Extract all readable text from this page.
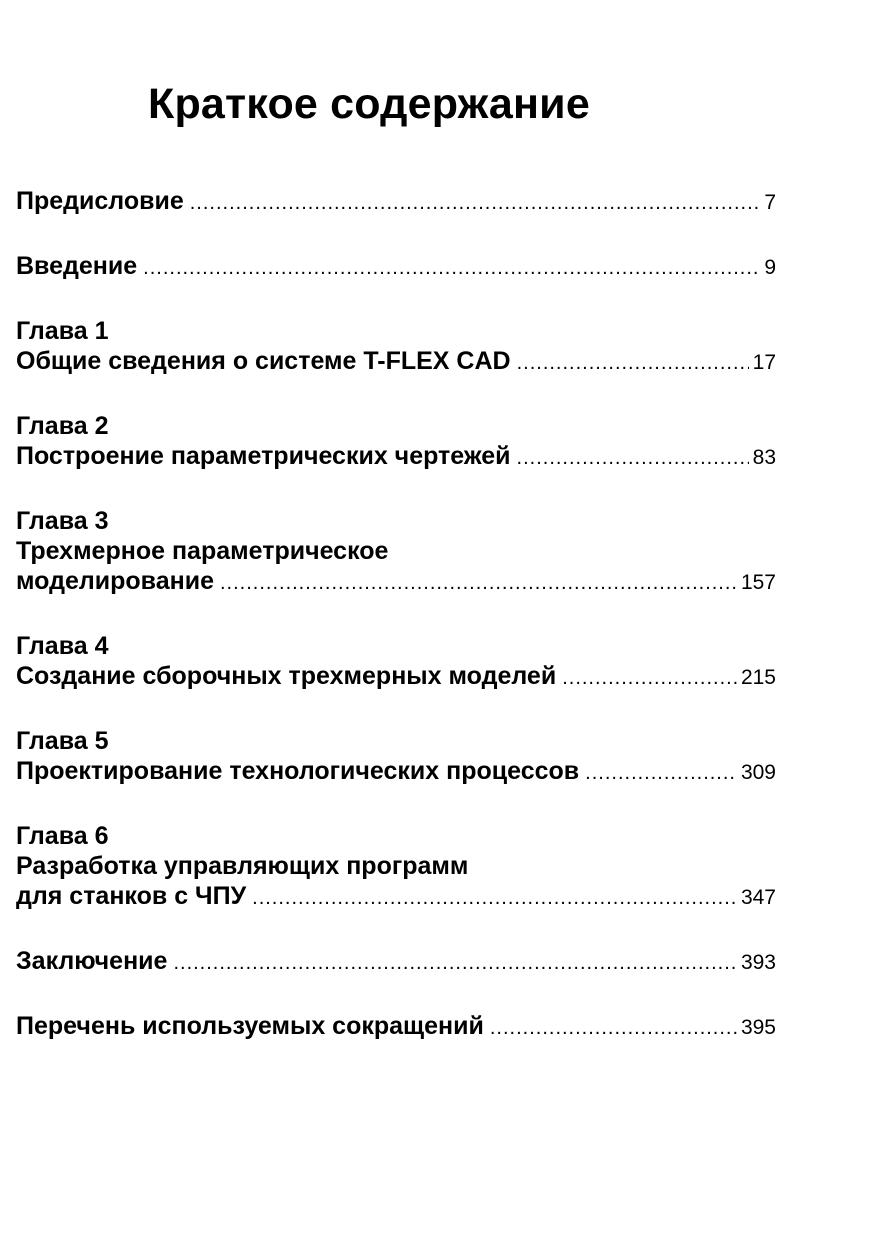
Краткое содержание
Предисловие .....	7
Введение .....	9
Глава 1
Общие сведения о системе T-FLEX CAD .....	17
Глава 2
Построение параметрических чертежей .....	83
Глава 3
Трехмерное параметрическое
моделирование .....	157
Глава 4
Создание сборочных трехмерных моделей .....	215
Глава 5
Проектирование технологических процессов .....	309
Глава 6
Разработка управляющих программ
для станков с ЧПУ .....	347
Заключение .....	393
Перечень используемых сокращений .....	395
